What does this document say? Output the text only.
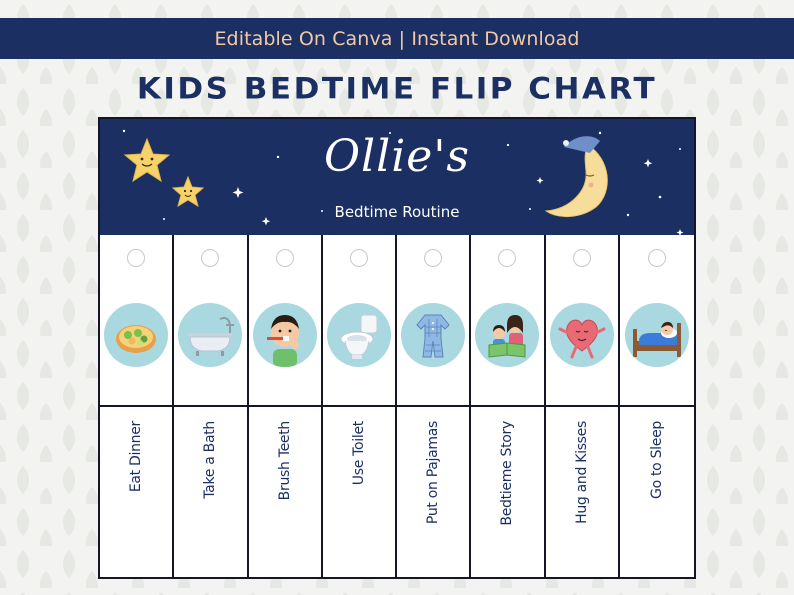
Editable On Canva | Instant Download
KIDS BEDTIME FLIP CHART
Ollie's
Bedtime Routine
Eat Dinner	Take a Bath	Brush Teeth	Use Toilet	Put on Pajamas	Bedtieme Story	Hug and Kisses	Go to Sleep
